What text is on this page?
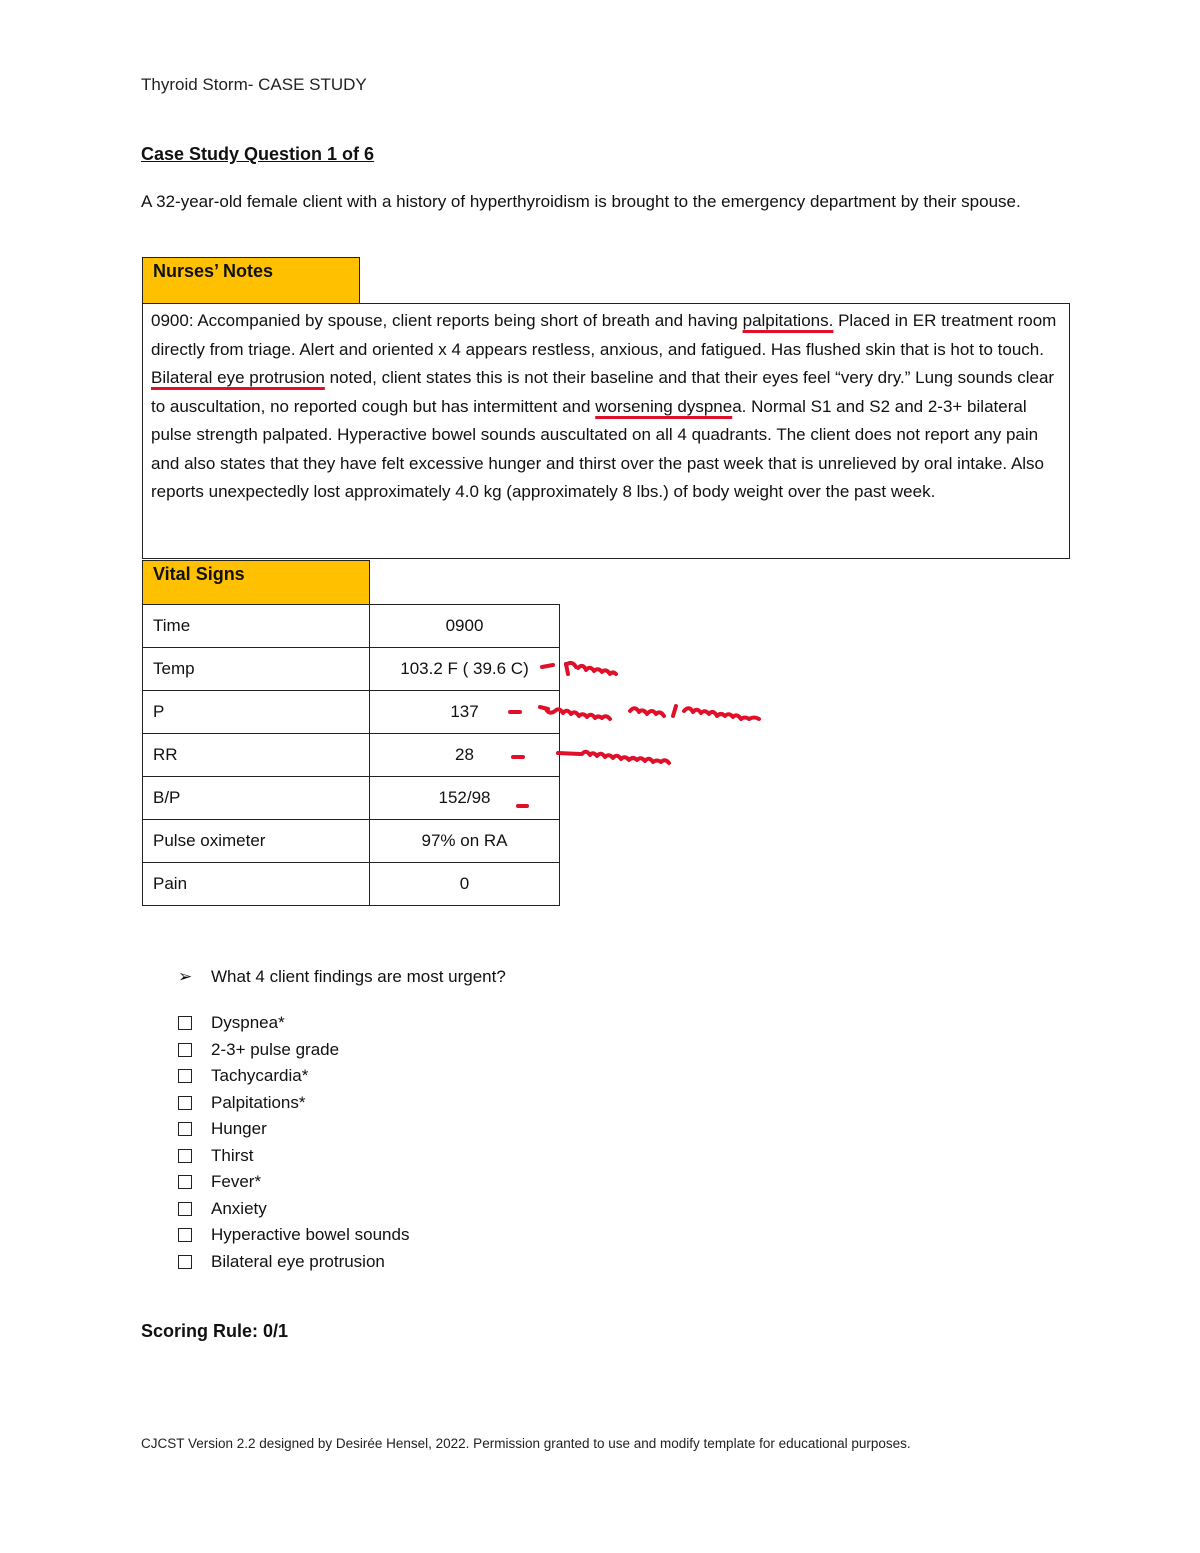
Thyroid Storm- CASE STUDY
Case Study Question 1 of 6
A 32-year-old female client with a history of hyperthyroidism is brought to the emergency department by their spouse.
Nurses’ Notes
0900: Accompanied by spouse, client reports being short of breath and having palpitations. Placed in ER treatment room directly from triage. Alert and oriented x 4 appears restless, anxious, and fatigued. Has flushed skin that is hot to touch. Bilateral eye protrusion noted, client states this is not their baseline and that their eyes feel “very dry.” Lung sounds clear to auscultation, no reported cough but has intermittent and worsening dyspnea. Normal S1 and S2 and 2-3+ bilateral pulse strength palpated. Hyperactive bowel sounds auscultated on all 4 quadrants. The client does not report any pain and also states that they have felt excessive hunger and thirst over the past week that is unrelieved by oral intake. Also reports unexpectedly lost approximately 4.0 kg (approximately 8 lbs.) of body weight over the past week.
Vital Signs
Time	0900
Temp	103.2 F ( 39.6 C)
P	137
RR	28
B/P	152/98
Pulse oximeter	97% on RA
Pain	0
➢ What 4 client findings are most urgent?
Dyspnea*
2-3+ pulse grade
Tachycardia*
Palpitations*
Hunger
Thirst
Fever*
Anxiety
Hyperactive bowel sounds
Bilateral eye protrusion
Scoring Rule: 0/1
CJCST Version 2.2 designed by Desirée Hensel, 2022. Permission granted to use and modify template for educational purposes.
